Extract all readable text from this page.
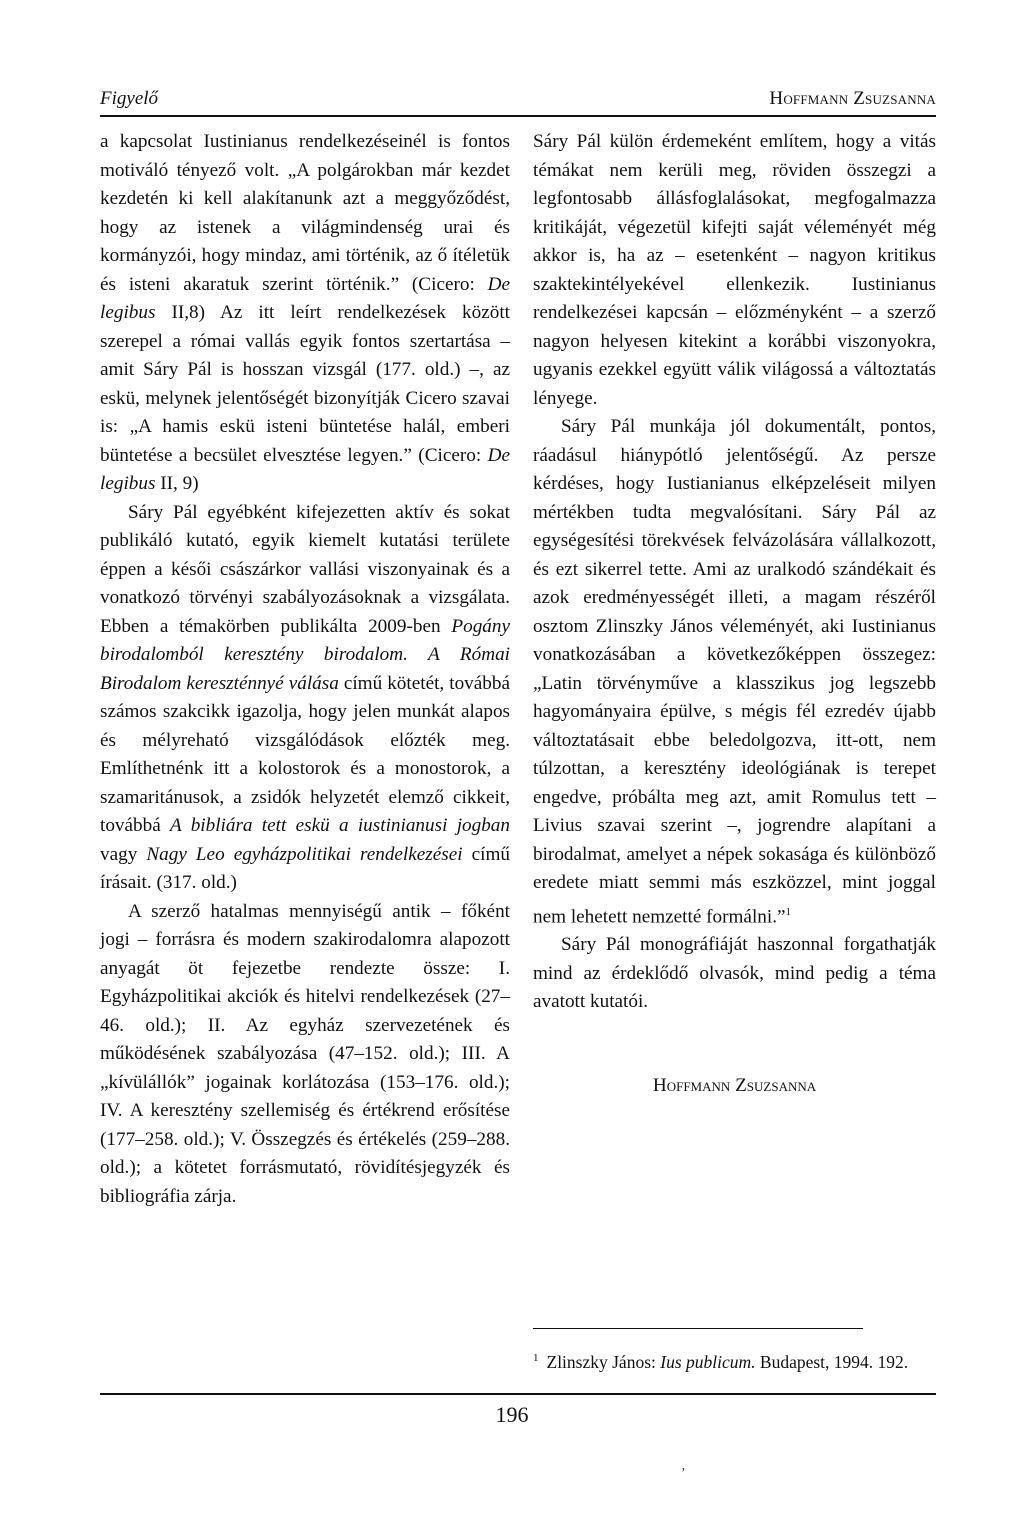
Figyelő	Hoffmann Zsuzsanna

a kapcsolat Iustinianus rendelkezéseinél is fontos motiváló tényező volt. „A polgárokban már kezdet kezdetén ki kell alakítanunk azt a meggyőződést, hogy az istenek a világmindenség urai és kormányzói, hogy mindaz, ami történik, az ő ítéletük és isteni akaratuk szerint történik.” (Cicero: De legibus II,8) Az itt leírt rendelkezések között szerepel a római vallás egyik fontos szertartása – amit Sáry Pál is hosszan vizsgál (177. old.) –, az eskü, melynek jelentőségét bizonyítják Cicero szavai is: „A hamis eskü isteni büntetése halál, emberi büntetése a becsület elvesztése legyen.” (Cicero: De legibus II, 9)

Sáry Pál egyébként kifejezetten aktív és sokat publikáló kutató, egyik kiemelt kutatási területe éppen a késői császárkor vallási viszonyainak és a vonatkozó törvényi szabályozásoknak a vizsgálata. Ebben a témakörben publikálta 2009-ben Pogány birodalomból keresztény birodalom. A Római Birodalom kereszténnyé válása című kötetét, továbbá számos szakcikk igazolja, hogy jelen munkát alapos és mélyreható vizsgálódások előzték meg. Említhetnénk itt a kolostorok és a monostorok, a szamaritánusok, a zsidók helyzetét elemző cikkeit, továbbá A bibliára tett eskü a iustinianusi jogban vagy Nagy Leo egyházpolitikai rendelkezései című írásait. (317. old.)

A szerző hatalmas mennyiségű antik – főként jogi – forrásra és modern szakirodalomra alapozott anyagát öt fejezetbe rendezte össze: I. Egyházpolitikai akciók és hitelvi rendelkezések (27–46. old.); II. Az egyház szervezetének és működésének szabályozása (47–152. old.); III. A „kívülállók” jogainak korlátozása (153–176. old.); IV. A keresztény szellemiség és értékrend erősítése (177–258. old.); V. Összegzés és értékelés (259–288. old.); a kötetet forrásmutató, rövidítésjegyzék és bibliográfia zárja.

Sáry Pál külön érdemeként említem, hogy a vitás témákat nem kerüli meg, röviden összegzi a legfontosabb állásfoglalásokat, megfogalmazza kritikáját, végezetül kifejti saját véleményét még akkor is, ha az – esetenként – nagyon kritikus szaktekintélyekével ellenkezik. Iustinianus rendelkezései kapcsán – előzményként – a szerző nagyon helyesen kitekint a korábbi viszonyokra, ugyanis ezekkel együtt válik világossá a változtatás lényege.

Sáry Pál munkája jól dokumentált, pontos, ráadásul hiánypótló jelentőségű. Az persze kérdéses, hogy Iustianianus elképzeléseit milyen mértékben tudta megvalósítani. Sáry Pál az egységesítési törekvések felvázolására vállalkozott, és ezt sikerrel tette. Ami az uralkodó szándékait és azok eredményességét illeti, a magam részéről osztom Zlinszky János véleményét, aki Iustinianus vonatkozásában a következőképpen összegez: „Latin törvényműve a klasszikus jog legszebb hagyományaira épülve, s mégis fél ezredév újabb változtatásait ebbe beledolgozva, itt-ott, nem túlzottan, a keresztény ideológiának is terepet engedve, próbálta meg azt, amit Romulus tett – Livius szavai szerint –, jogrendre alapítani a birodalmat, amelyet a népek sokasága és különböző eredete miatt semmi más eszközzel, mint joggal nem lehetett nemzetté formálni.”$^1$

Sáry Pál monográfiáját haszonnal forgathatják mind az érdeklődő olvasók, mind pedig a téma avatott kutatói.

Hoffmann Zsuzsanna
$^1$ Zlinszky János: Ius publicum. Budapest, 1994. 192.
196
ʼ
